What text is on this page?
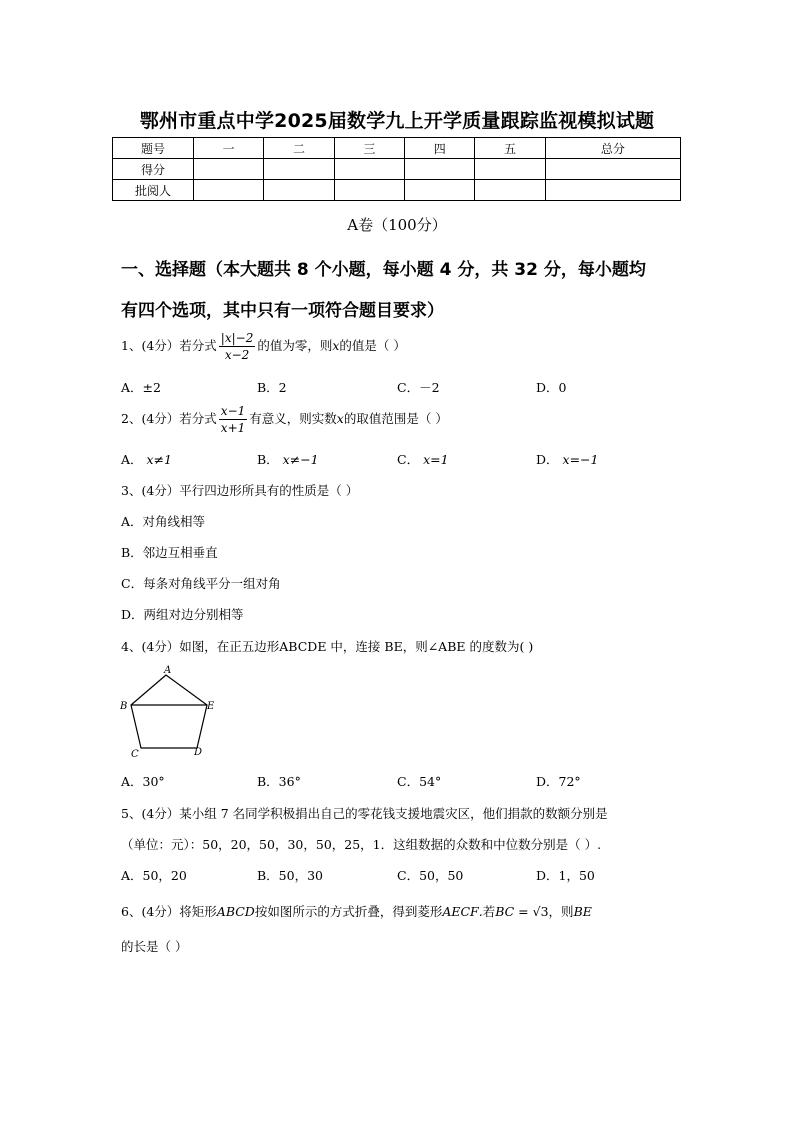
鄂州市重点中学2025届数学九上开学质量跟踪监视模拟试题
题号	一	二	三	四	五	总分
得分						
批阅人						
A卷（100分）
一、选择题（本大题共 8 个小题，每小题 4 分，共 32 分，每小题均
有四个选项，其中只有一项符合题目要求）
1、(4分）若分式 $\frac{|x|-2}{x-2}$ 的值为零，则x的值是（ ）
A．±2	B．2	C．－2	D．0
2、(4分）若分式 $\frac{x-1}{x+1}$ 有意义，则实数x的取值范围是（ ）
A． x≠1	B． x≠−1	C． x=1	D． x=−1
3、(4分）平行四边形所具有的性质是（ ）
A．对角线相等
B．邻边互相垂直
C．每条对角线平分一组对角
D．两组对边分别相等
4、(4分）如图，在正五边形ABCDE 中，连接 BE，则∠ABE 的度数为( )
A
B
C	D
E
A．30°	B．36°	C．54°	D．72°
5、(4分）某小组 7 名同学积极捐出自己的零花钱支援地震灾区，他们捐款的数额分别是
（单位：元）：50，20，50，30，50，25，1．这组数据的众数和中位数分别是（ ）.
A．50，20	B．50，30	C．50，50	D．1，50
6、(4分）将矩形ABCD按如图所示的方式折叠，得到菱形AECF.若BC = √3，则BE
的长是（ ）
